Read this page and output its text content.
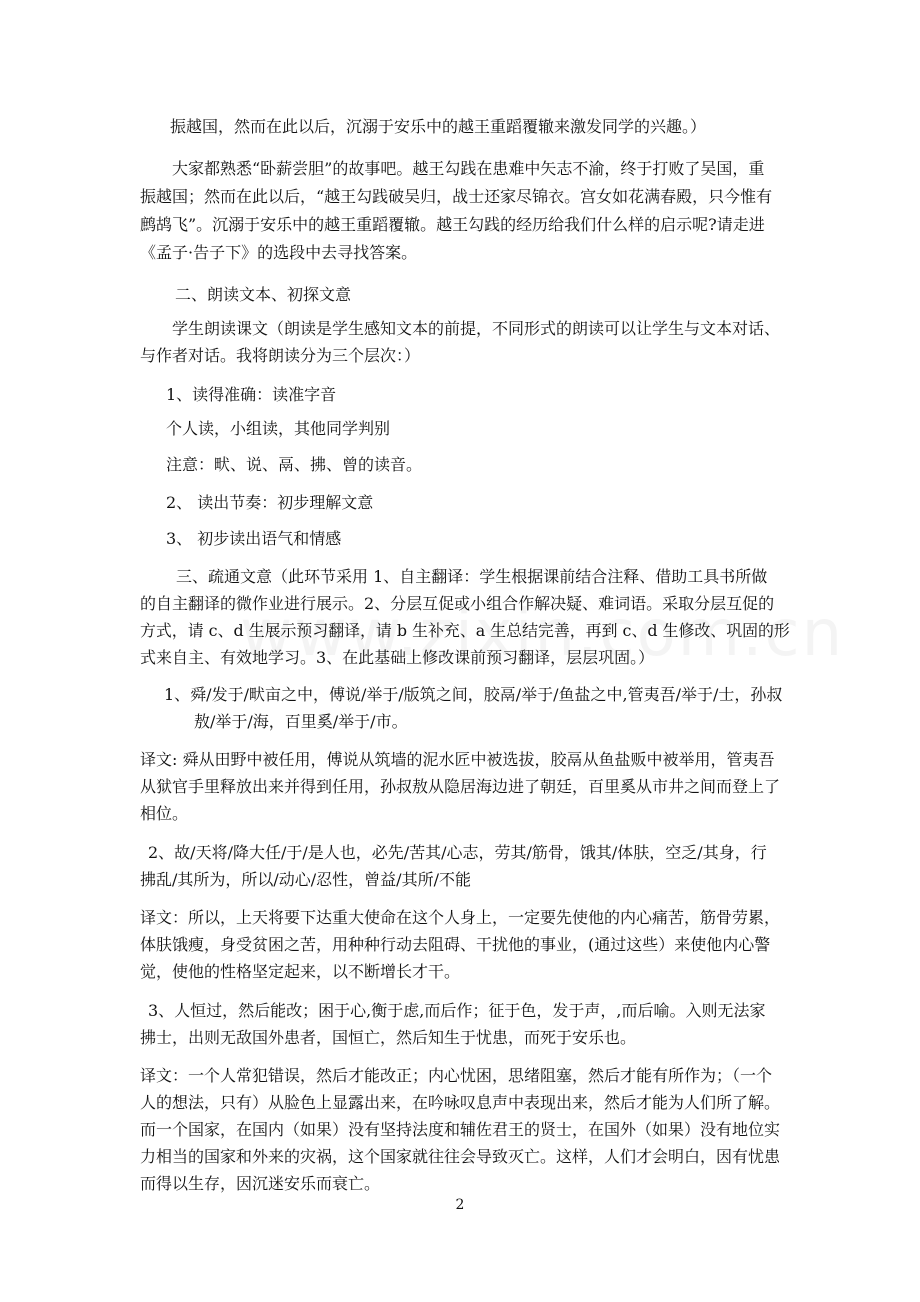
振越国，然而在此以后，沉溺于安乐中的越王重蹈覆辙来激发同学的兴趣。）

大家都熟悉“卧薪尝胆”的故事吧。越王勾践在患难中矢志不渝，终于打败了吴国，重

振越国；然而在此以后，“越王勾践破吴归，战士还家尽锦衣。宫女如花满春殿，只今惟有

鹧鸪飞”。沉溺于安乐中的越王重蹈覆辙。越王勾践的经历给我们什么样的启示呢?请走进

《孟子·告子下》的选段中去寻找答案。

二、朗读文本、初探文意

学生朗读课文（朗读是学生感知文本的前提，不同形式的朗读可以让学生与文本对话、

与作者对话。我将朗读分为三个层次：）

1、读得准确：读准字音

个人读，小组读，其他同学判别

注意：畎、说、鬲、拂、曾的读音。

2、 读出节奏：初步理解文意

3、 初步读出语气和情感

三、疏通文意（此环节采用 1、自主翻译：学生根据课前结合注释、借助工具书所做

的自主翻译的微作业进行展示。2、分层互促或小组合作解决疑、难词语。采取分层互促的

方式，请 c、d 生展示预习翻译，请 b 生补充、a 生总结完善，再到 c、d 生修改、巩固的形

式来自主、有效地学习。3、在此基础上修改课前预习翻译，层层巩固。）

1、舜/发于/畎亩之中，傅说/举于/版筑之间，胶鬲/举于/鱼盐之中,管夷吾/举于/士，孙叔

敖/举于/海，百里奚/举于/市。

译文: 舜从田野中被任用，傅说从筑墙的泥水匠中被选拔，胶鬲从鱼盐贩中被举用，管夷吾

从狱官手里释放出来并得到任用，孙叔敖从隐居海边进了朝廷，百里奚从市井之间而登上了

相位。

2、故/天将/降大任/于/是人也，必先/苦其/心志，劳其/筋骨，饿其/体肤，空乏/其身，行

拂乱/其所为，所以/动心/忍性，曾益/其所/不能

译文：所以，上天将要下达重大使命在这个人身上，一定要先使他的内心痛苦，筋骨劳累，

体肤饿瘦，身受贫困之苦，用种种行动去阻碍、干扰他的事业，(通过这些）来使他内心警

觉，使他的性格坚定起来，以不断增长才干。

3、人恒过，然后能改；困于心,衡于虑,而后作；征于色，发于声，,而后喻。入则无法家

拂士，出则无敌国外患者，国恒亡，然后知生于忧患，而死于安乐也。

译文：一个人常犯错误，然后才能改正；内心忧困，思绪阻塞，然后才能有所作为；（一个

人的想法，只有）从脸色上显露出来，在吟咏叹息声中表现出来，然后才能为人们所了解。

而一个国家，在国内（如果）没有坚持法度和辅佐君王的贤士，在国外（如果）没有地位实

力相当的国家和外来的灾祸，这个国家就往往会导致灭亡。这样，人们才会明白，因有忧患

而得以生存，因沉迷安乐而衰亡。

2
